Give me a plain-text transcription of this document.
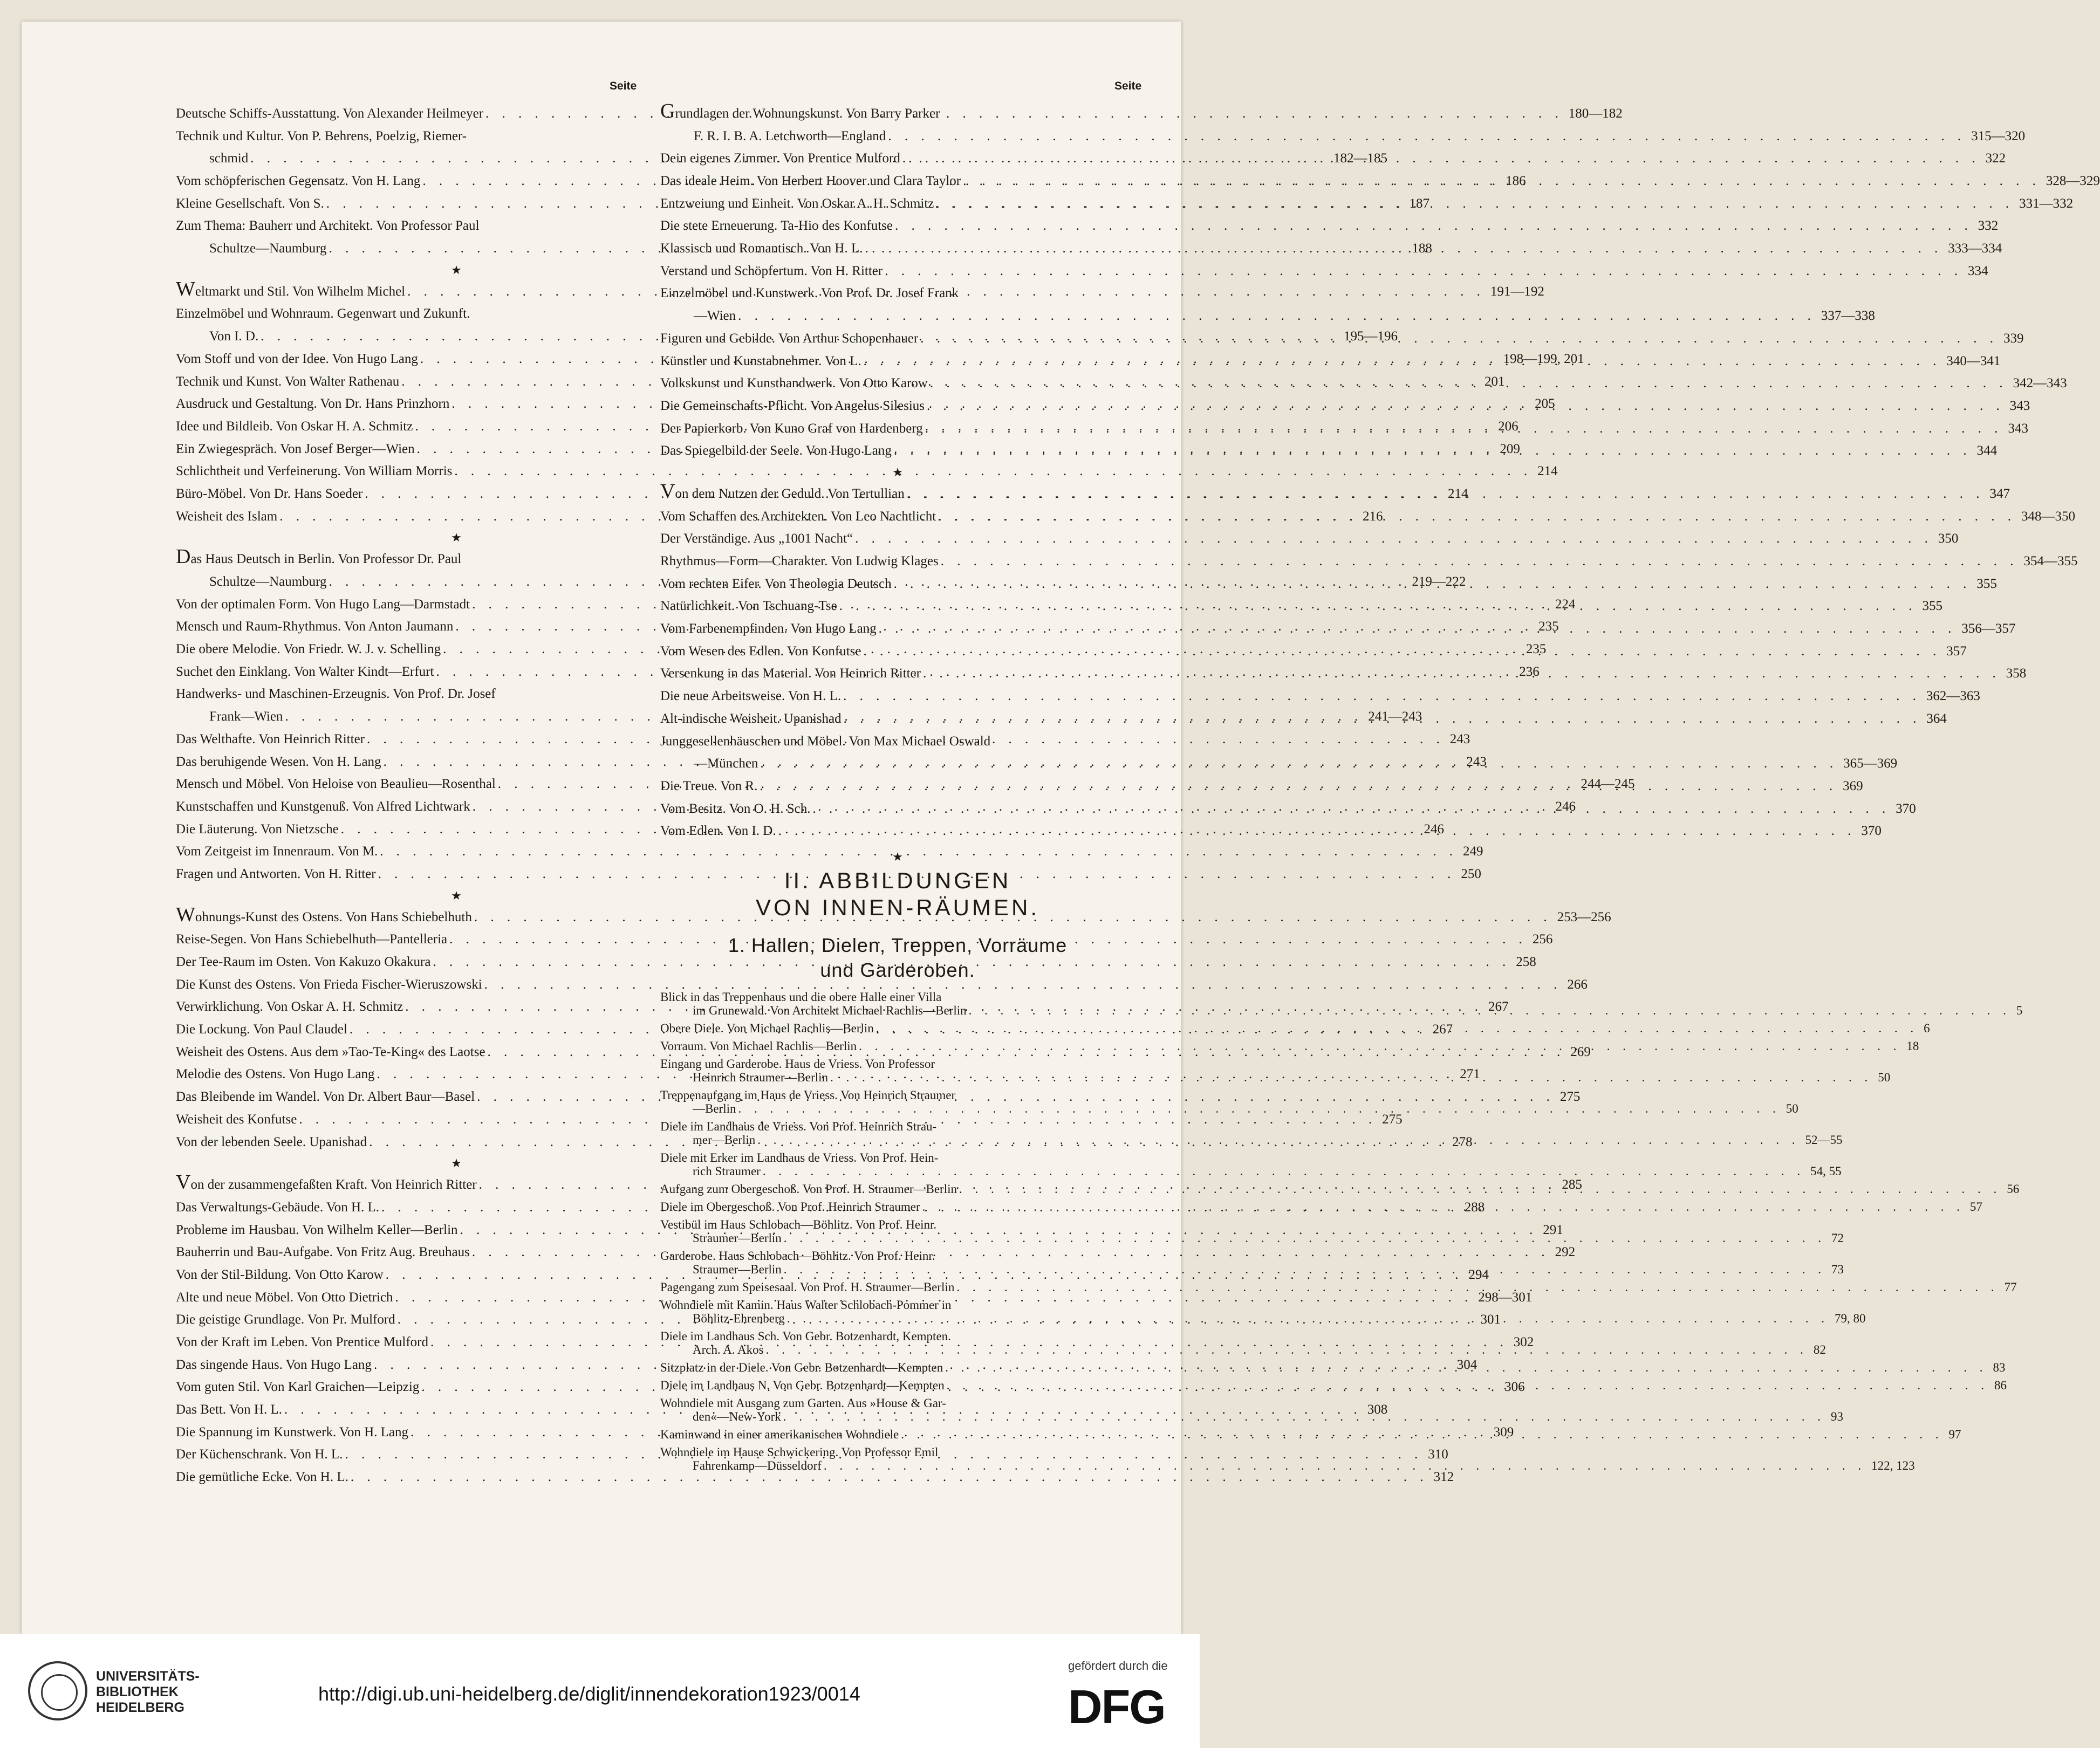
Seite	Seite
Deutsche Schiffs-Ausstattung. Von Alexander Heilmeyer . . .	180—182
Technik und Kultur. Von P. Behrens, Poelzig, Riemer-
schmid . . .	182—185
Vom schöpferischen Gegensatz. Von H. Lang . . .	186
Kleine Gesellschaft. Von S. . . .	187
Zum Thema: Bauherr und Architekt. Von Professor Paul
Schultze—Naumburg . . .	188
★
Weltmarkt und Stil. Von Wilhelm Michel . . .	191—192
Einzelmöbel und Wohnraum. Gegenwart und Zukunft.
Von I. D. . . .	195—196
Vom Stoff und von der Idee. Von Hugo Lang . . .	198—199, 201
Technik und Kunst. Von Walter Rathenau . . .	201
Ausdruck und Gestaltung. Von Dr. Hans Prinzhorn . . .	205
Idee und Bildleib. Von Oskar H. A. Schmitz . . .	206
Ein Zwiegespräch. Von Josef Berger—Wien . . .	209
Schlichtheit und Verfeinerung. Von William Morris . . .	214
Büro-Möbel. Von Dr. Hans Soeder . . .	214
Weisheit des Islam . . .	216
★
Das Haus Deutsch in Berlin. Von Professor Dr. Paul
Schultze—Naumburg . . .	219—222
Von der optimalen Form. Von Hugo Lang—Darmstadt . . .	224
Mensch und Raum-Rhythmus. Von Anton Jaumann . . .	235
Die obere Melodie. Von Friedr. W. J. v. Schelling . . .	235
Suchet den Einklang. Von Walter Kindt—Erfurt . . .	236
Handwerks- und Maschinen-Erzeugnis. Von Prof. Dr. Josef
Frank—Wien . . .	241—243
Das Welthafte. Von Heinrich Ritter . . .	243
Das beruhigende Wesen. Von H. Lang . . .	243
Mensch und Möbel. Von Heloise von Beaulieu—Rosenthal . . .	244—245
Kunstschaffen und Kunstgenuß. Von Alfred Lichtwark . . .	246
Die Läuterung. Von Nietzsche . . .	246
Vom Zeitgeist im Innenraum. Von M. . . .	249
Fragen und Antworten. Von H. Ritter . . .	250
★
Wohnungs-Kunst des Ostens. Von Hans Schiebelhuth . . .	253—256
Reise-Segen. Von Hans Schiebelhuth—Pantelleria . . .	256
Der Tee-Raum im Osten. Von Kakuzo Okakura . . .	258
Die Kunst des Ostens. Von Frieda Fischer-Wieruszowski . . .	266
Verwirklichung. Von Oskar A. H. Schmitz . . .	267
Die Lockung. Von Paul Claudel . . .	267
Weisheit des Ostens. Aus dem »Tao-Te-King« des Laotse . . .	269
Melodie des Ostens. Von Hugo Lang . . .	271
Das Bleibende im Wandel. Von Dr. Albert Baur—Basel . . .	275
Weisheit des Konfutse . . .	275
Von der lebenden Seele. Upanishad . . .	278
★
Von der zusammengefaßten Kraft. Von Heinrich Ritter . . .	285
Das Verwaltungs-Gebäude. Von H. L. . . .	288
Probleme im Hausbau. Von Wilhelm Keller—Berlin . . .	291
Bauherrin und Bau-Aufgabe. Von Fritz Aug. Breuhaus . . .	292
Von der Stil-Bildung. Von Otto Karow . . .	294
Alte und neue Möbel. Von Otto Dietrich . . .	298—301
Die geistige Grundlage. Von Pr. Mulford . . .	301
Von der Kraft im Leben. Von Prentice Mulford . . .	302
Das singende Haus. Von Hugo Lang . . .	304
Vom guten Stil. Von Karl Graichen—Leipzig . . .	306
Das Bett. Von H. L. . . .	308
Die Spannung im Kunstwerk. Von H. Lang . . .	309
Der Küchenschrank. Von H. L. . . .	310
Die gemütliche Ecke. Von H. L. . . .	312
Grundlagen der Wohnungskunst. Von Barry Parker
F. R. I. B. A. Letchworth—England . . .	315—320
Dein eigenes Zimmer. Von Prentice Mulford . . .	322
Das ideale Heim. Von Herbert Hoover und Clara Taylor . . .	328—329
Entzweiung und Einheit. Von Oskar A. H. Schmitz . . .	331—332
Die stete Erneuerung. Ta-Hio des Konfutse . . .	332
Klassisch und Romantisch. Von H. L. . . .	333—334
Verstand und Schöpfertum. Von H. Ritter . . .	334
Einzelmöbel und Kunstwerk. Von Prof. Dr. Josef Frank
—Wien . . .	337—338
Figuren und Gebilde. Von Arthur Schopenhauer . . .	339
Künstler und Kunstabnehmer. Von L. . . .	340—341
Volkskunst und Kunsthandwerk. Von Otto Karow . . .	342—343
Die Gemeinschafts-Pflicht. Von Angelus Silesius . . .	343
Der Papierkorb. Von Kuno Graf von Hardenberg . . .	343
Das Spiegelbild der Seele. Von Hugo Lang . . .	344
★
Von dem Nutzen der Geduld. Von Tertullian . . .	347
Vom Schaffen des Architekten. Von Leo Nachtlicht . . .	348—350
Der Verständige. Aus „1001 Nacht“ . . .	350
Rhythmus—Form—Charakter. Von Ludwig Klages . . .	354—355
Vom rechten Eifer. Von Theologia Deutsch . . .	355
Natürlichkeit. Von Tschuang-Tse . . .	355
Vom Farbenempfinden. Von Hugo Lang . . .	356—357
Vom Wesen des Edlen. Von Konfutse . . .	357
Versenkung in das Material. Von Heinrich Ritter . . .	358
Die neue Arbeitsweise. Von H. L. . . .	362—363
Alt-indische Weisheit. Upanishad . . .	364
Junggesellenhäuschen und Möbel. Von Max Michael Oswald
—München . . .	365—369
Die Treue. Von R. . . .	369
Vom Besitz. Von O. H. Sch. . . .	370
Vom Edlen. Von I. D. . . .	370
★
II. ABBILDUNGEN
VON INNEN-RÄUMEN.
1. Hallen, Dielen, Treppen, Vorräume
und Garderoben.
Blick in das Treppenhaus und die obere Halle einer Villa
im Grunewald. Von Architekt Michael Rachlis—Berlin . . .	5
Obere Diele. Von Michael Rachlis—Berlin . . .	6
Vorraum. Von Michael Rachlis—Berlin . . .	18
Eingang und Garderobe. Haus de Vriess. Von Professor
Heinrich Straumer—Berlin . . .	50
Treppenaufgang im Haus de Vriess. Von Heinrich Straumer
—Berlin . . .	50
Diele im Landhaus de Vriess. Von Prof. Heinrich Strau-
mer—Berlin . . .	52—55
Diele mit Erker im Landhaus de Vriess. Von Prof. Hein-
rich Straumer . . .	54, 55
Aufgang zum Obergeschoß. Von Prof. H. Straumer—Berlin . . .	56
Diele im Obergeschoß. Von Prof. Heinrich Straumer . . .	57
Vestibül im Haus Schlobach—Böhlitz. Von Prof. Heinr.
Straumer—Berlin . . .	72
Garderobe. Haus Schlobach—Böhlitz. Von Prof. Heinr.
Straumer—Berlin . . .	73
Pagengang zum Speisesaal. Von Prof. H. Straumer—Berlin . . .	77
Wohndiele mit Kamin. Haus Walter Schlobach-Pommer in
Böhlitz-Ehrenberg . . .	79, 80
Diele im Landhaus Sch. Von Gebr. Botzenhardt, Kempten.
Arch. A. Akos . . .	82
Sitzplatz in der Diele. Von Gebr. Botzenhardt—Kempten . . .	83
Diele im Landhaus N. Von Gebr. Botzenhardt—Kempten . . .	86
Wohndiele mit Ausgang zum Garten. Aus »House & Gar-
den«—New-York . . .	93
Kaminwand in einer amerikanischen Wohndiele . . .	97
Wohndiele im Hause Schwickering. Von Professor Emil
Fahrenkamp—Düsseldorf . . .	122, 123
UNIVERSITÄTS-
BIBLIOTHEK
HEIDELBERG
http://digi.ub.uni-heidelberg.de/diglit/innendekoration1923/0014
gefördert durch die
DFG
